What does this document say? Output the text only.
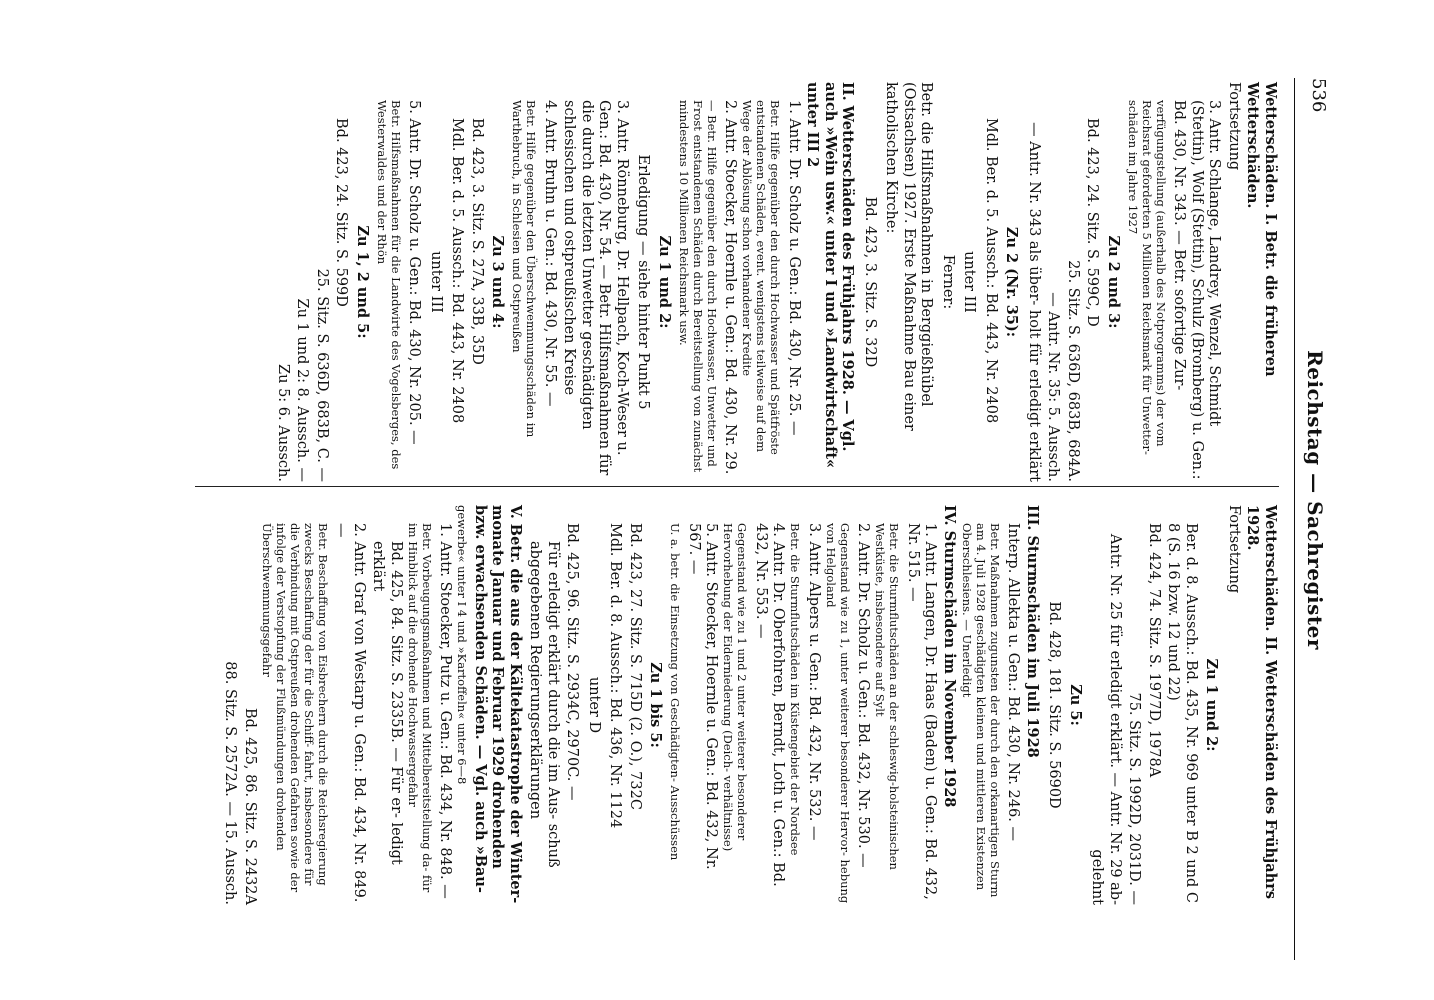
536
Reichstag — Sachregister

Wetterschäden. I. Betr. die früheren Wetterschäden.

Fortsetzung

3. Antr. Schlange, Landrey, Wenzel, Schmidt (Stettin), Wolf (Stettin), Schulz (Bromberg) u. Gen.: Bd. 430, Nr. 343. — Betr. sofortige Zur-

verfügungstellung (außerhalb des Notprogramms) der vom Reichsrat geforderten 5 Millionen Reichsmark für Unwetter- schäden im Jahre 1927

Zu 2 und 3:

Bd. 423, 24. Sitz. S. 599C, D

25. Sitz. S. 636D, 683B, 684A.

— Antr. Nr. 35: 5. Aussch.

— Antr. Nr. 343 als über- holt für erledigt erklärt

Zu 2 (Nr. 35):

Mdl. Ber. d. 5. Aussch.: Bd. 443, Nr. 2408

unter III

Ferner:

Betr. die Hilfsmaßnahmen in Berggießhübel (Ostsachsen) 1927. Erste Maßnahme Bau einer katholischen Kirche:

Bd. 423, 3. Sitz. S. 32D

II. Wetterschäden des Frühjahrs 1928. — Vgl. auch »Wein usw.« unter I und »Landwirtschaft« unter III 2

1. Antr. Dr. Scholz u. Gen.: Bd. 430, Nr. 25. —

Betr. Hilfe gegenüber den durch Hochwasser und Spätfröste entstandenen Schäden, event. wenigstens teilweise auf dem Wege der Ablösung schon vorhandener Kredite

2. Antr. Stoecker, Hoernle u. Gen.: Bd. 430, Nr. 29.

— Betr. Hilfe gegenüber den durch Hochwasser, Unwetter und Frost entstandenen Schäden durch Bereitstellung von zunächst mindestens 10 Millionen Reichsmark usw.

Zu 1 und 2:

Erledigung — siehe hinter Punkt 5

3. Antr. Rönneburg, Dr. Hellpach, Koch-Weser u. Gen.: Bd. 430, Nr. 54. — Betr. Hilfsmaßnahmen für die durch die letzten Unwetter geschädigten schlesischen und ostpreußischen Kreise

4. Antr. Bruhn u. Gen.: Bd. 430, Nr. 55. —

Betr. Hilfe gegenüber den Überschwemmungsschäden im Warthebruch, in Schlesien und Ostpreußen

Zu 3 und 4:

Bd. 423, 3. Sitz. S. 27A, 33B, 35D

Mdl. Ber. d. 5. Aussch.: Bd. 443, Nr. 2408

unter III

5. Antr. Dr. Scholz u. Gen.: Bd. 430, Nr. 205. —

Betr. Hilfsmaßnahmen für die Landwirte des Vogelsberges, des Westerwaldes und der Rhön

Zu 1, 2 und 5:

Bd. 423, 24. Sitz. S. 599D

25. Sitz. S. 636D, 683B, C. —

Zu 1 und 2: 8. Aussch. —

Zu 5: 6. Aussch.

Wetterschäden. II. Wetterschäden des Frühjahrs 1928.

Fortsetzung

Zu 1 und 2:

Ber. d. 8. Aussch.: Bd. 435, Nr. 969 unter B 2 und C 8 (S. 16 bzw. 12 und 22)

Bd. 424, 74. Sitz. S. 1977D, 1978A

75. Sitz. S. 1992D, 2031D. —

Antr. Nr. 25 für erledigt erklärt. — Antr. Nr. 29 ab- gelehnt

Zu 5:

Bd. 428, 181. Sitz. S. 5690D

III. Sturmschäden im Juli 1928

Interp. Allekta u. Gen.: Bd. 430, Nr. 246. —

Betr. Maßnahmen zugunsten der durch den orkanartigen Sturm am 4. Juli 1928 geschädigten kleinen und mittleren Existenzen Oberschlesiens. — Unerledigt

IV. Sturmschäden im November 1928

1. Antr. Langen, Dr. Haas (Baden) u. Gen.: Bd. 432, Nr. 515. —

Betr. die Sturmflutschäden an der schleswig-holsteinischen Westküste, insbesondere auf Sylt

2. Antr. Dr. Scholz u. Gen.: Bd. 432, Nr. 530. —

Gegenstand wie zu 1, unter weiterer besonderer Hervor- hebung von Helgoland

3. Antr. Alpers u. Gen.: Bd. 432, Nr. 532. —

Betr. die Sturmflutschäden im Küstengebiet der Nordsee

4. Antr. Dr. Oberfohren, Berndt, Loth u. Gen.: Bd. 432, Nr. 553. —

Gegenstand wie zu 1 und 2 unter weiterer besonderer Hervorhebung der Eiderniederung (Deich- verhältnisse)

5. Antr. Stoecker, Hoernle u. Gen.: Bd. 432, Nr. 567. —

U. a. betr. die Einsetzung von Geschädigten- Ausschüssen

Zu 1 bis 5:

Bd. 423, 27. Sitz. S. 715D (2. O.), 732C

Mdl. Ber. d. 8. Aussch.: Bd. 436, Nr. 1124

unter D

Bd. 425, 96. Sitz. S. 2934C, 2970C. —

Für erledigt erklärt durch die im Aus- schuß abgegebenen Regierungserklärungen

V. Betr. die aus der Kältekatastrophe der Winter- monate Januar und Februar 1929 drohenden bzw. erwachsenden Schäden. — Vgl. auch »Bau-

gewerbe« unter I 4 und »Kartoffeln« unter 6—8

1. Antr. Stoecker, Putz u. Gen.: Bd. 434, Nr. 848. —

Betr. Vorbeugungsmaßnahmen und Mittelbereitstellung da- für im Hinblick auf die drohende Hochwassergefahr

Bd. 425, 84. Sitz. S. 2335B. — Für er- ledigt erklärt

2. Antr. Graf von Westarp u. Gen.: Bd. 434, Nr. 849. —

Betr. Beschaffung von Eisbrechern durch die Reichsregierung zwecks Beschaffung der für die Schiff- fahrt, insbesondere für die Verbindung mit Ostpreußen drohenden Gefahren sowie der infolge der Verstopfung der Flußmündungen drohenden Überschwemmungsgefahr

Bd. 425, 86. Sitz. S. 2432A

88. Sitz. S. 2572A. — 15. Aussch.
